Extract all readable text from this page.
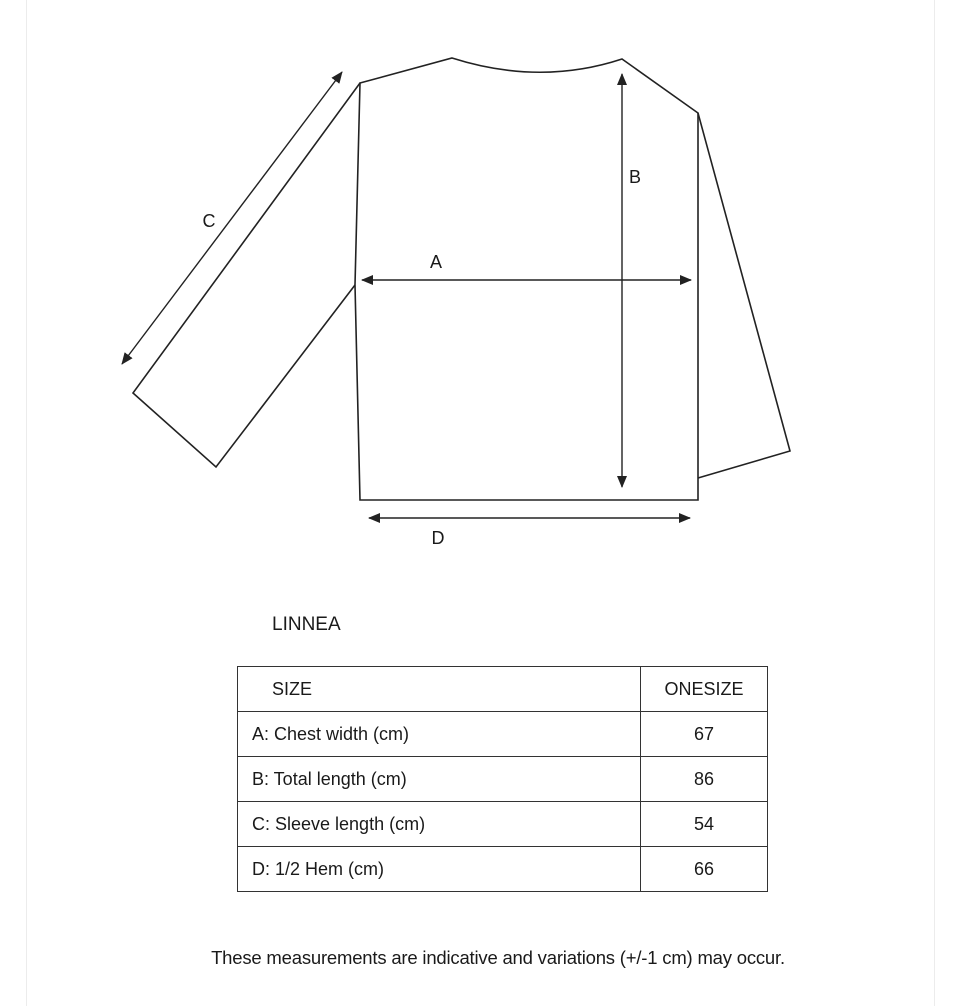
A
B
C
D
LINNEA
SIZE	ONESIZE
A: Chest width (cm)	67
B: Total length (cm)	86
C: Sleeve length (cm)	54
D: 1/2 Hem (cm)	66
These measurements are indicative and variations (+/-1 cm) may occur.
